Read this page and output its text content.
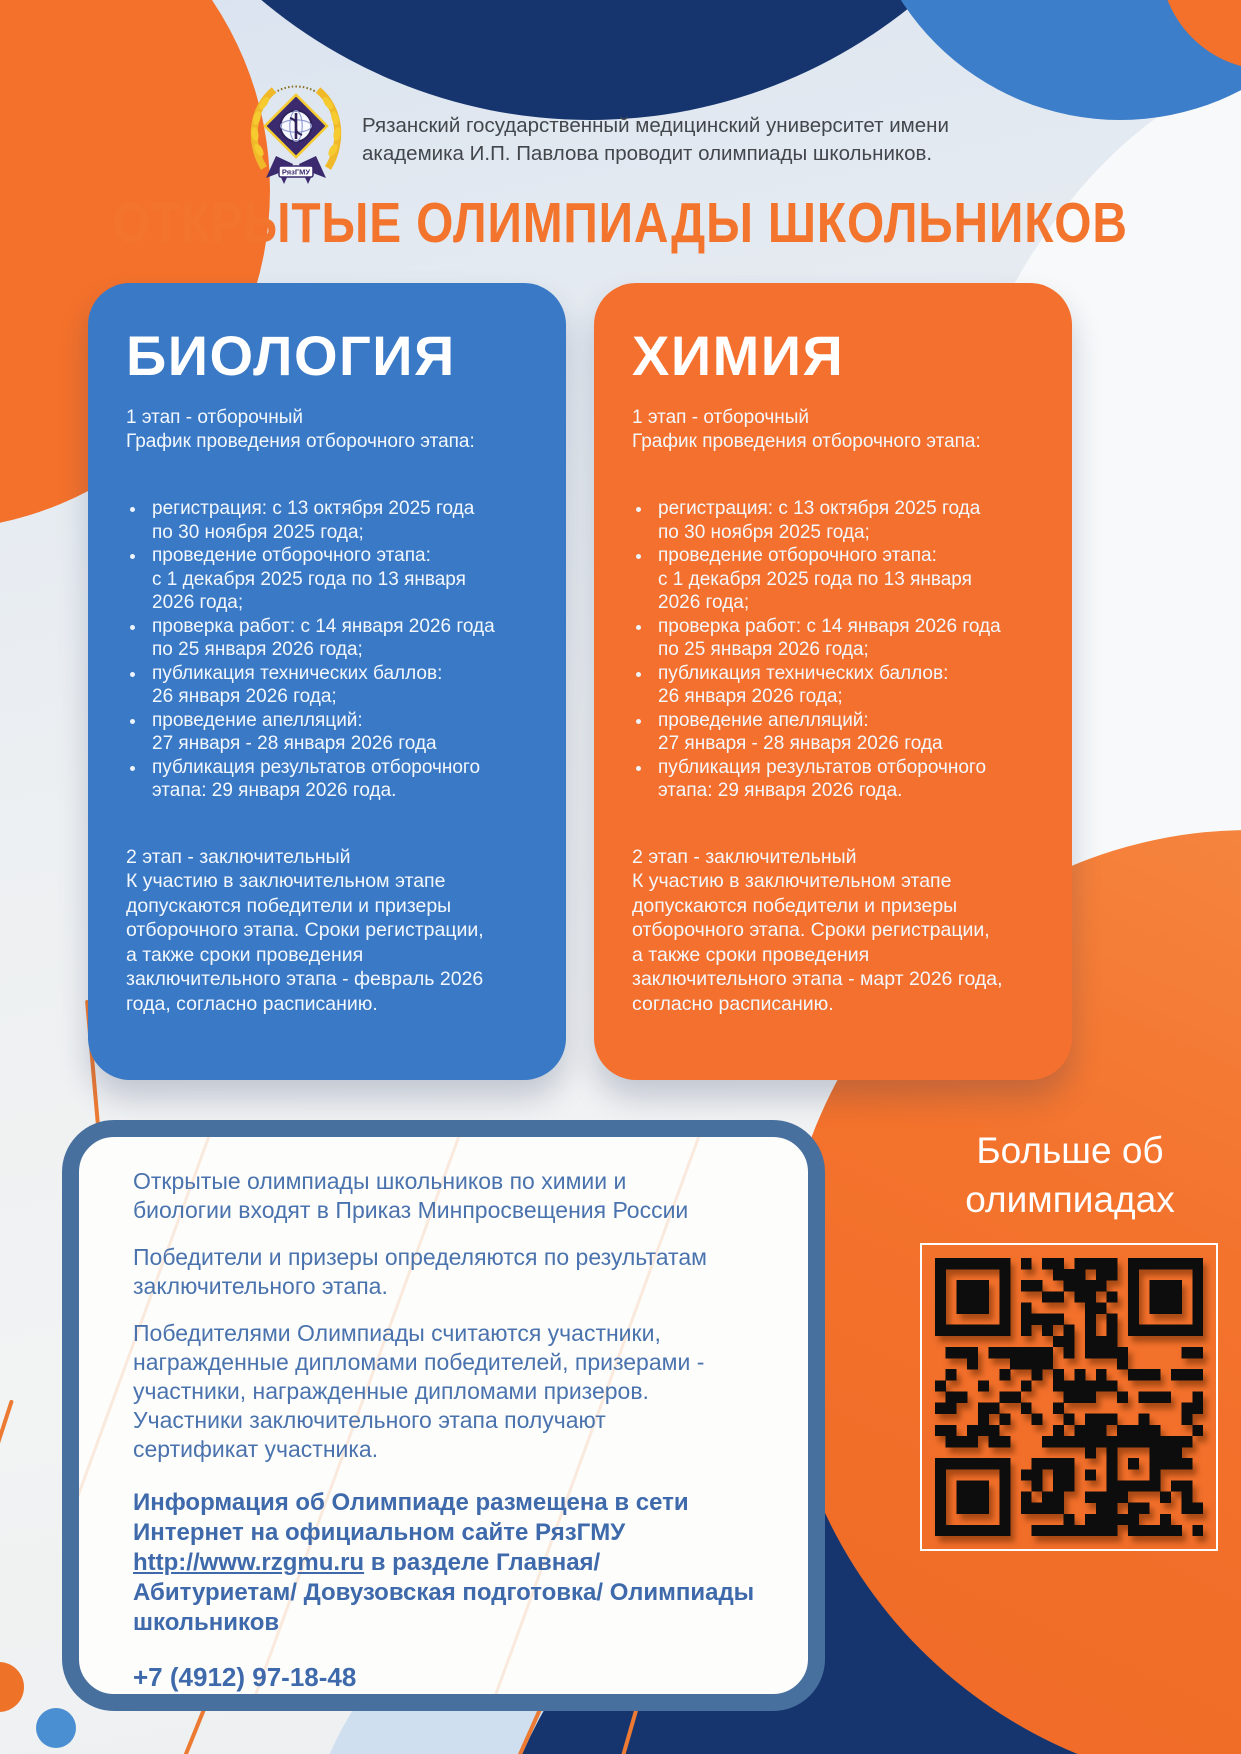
РязГМУ
Рязанский государственный медицинский университет имени
академика И.П. Павлова проводит олимпиады школьников.
ОТКРЫТЫЕ ОЛИМПИАДЫ ШКОЛЬНИКОВ
БИОЛОГИЯ
1 этап - отборочный
График проведения отборочного этапа:
регистрация: с 13 октября 2025 года
по 30 ноября 2025 года;
проведение отборочного этапа:
с 1 декабря 2025 года по 13 января
2026 года;
проверка работ: с 14 января 2026 года
по 25 января 2026 года;
публикация технических баллов:
26 января 2026 года;
проведение апелляций:
27 января - 28 января 2026 года
публикация результатов отборочного
этапа: 29 января 2026 года.
2 этап - заключительный
К участию в заключительном этапе
допускаются победители и призеры
отборочного этапа. Сроки регистрации,
а также сроки проведения
заключительного этапа - февраль 2026
года, согласно расписанию.
ХИМИЯ
1 этап - отборочный
График проведения отборочного этапа:
регистрация: с 13 октября 2025 года
по 30 ноября 2025 года;
проведение отборочного этапа:
с 1 декабря 2025 года по 13 января
2026 года;
проверка работ: с 14 января 2026 года
по 25 января 2026 года;
публикация технических баллов:
26 января 2026 года;
проведение апелляций:
27 января - 28 января 2026 года
публикация результатов отборочного
этапа: 29 января 2026 года.
2 этап - заключительный
К участию в заключительном этапе
допускаются победители и призеры
отборочного этапа. Сроки регистрации,
а также сроки проведения
заключительного этапа - март 2026 года,
согласно расписанию.
Открытые олимпиады школьников по химии и
биологии входят в Приказ Минпросвещения России
Победители и призеры определяются по результатам
заключительного этапа.
Победителями Олимпиады считаются участники,
награжденные дипломами победителей, призерами -
участники, награжденные дипломами призеров.
Участники заключительного этапа получают
сертификат участника.
Информация об Олимпиаде размещена в сети
Интернет на официальном сайте РязГМУ
http://www.rzgmu.ru в разделе Главная/
Абитуриетам/ Довузовская подготовка/ Олимпиады
школьников
+7 (4912) 97-18-48
Больше об
олимпиадах
